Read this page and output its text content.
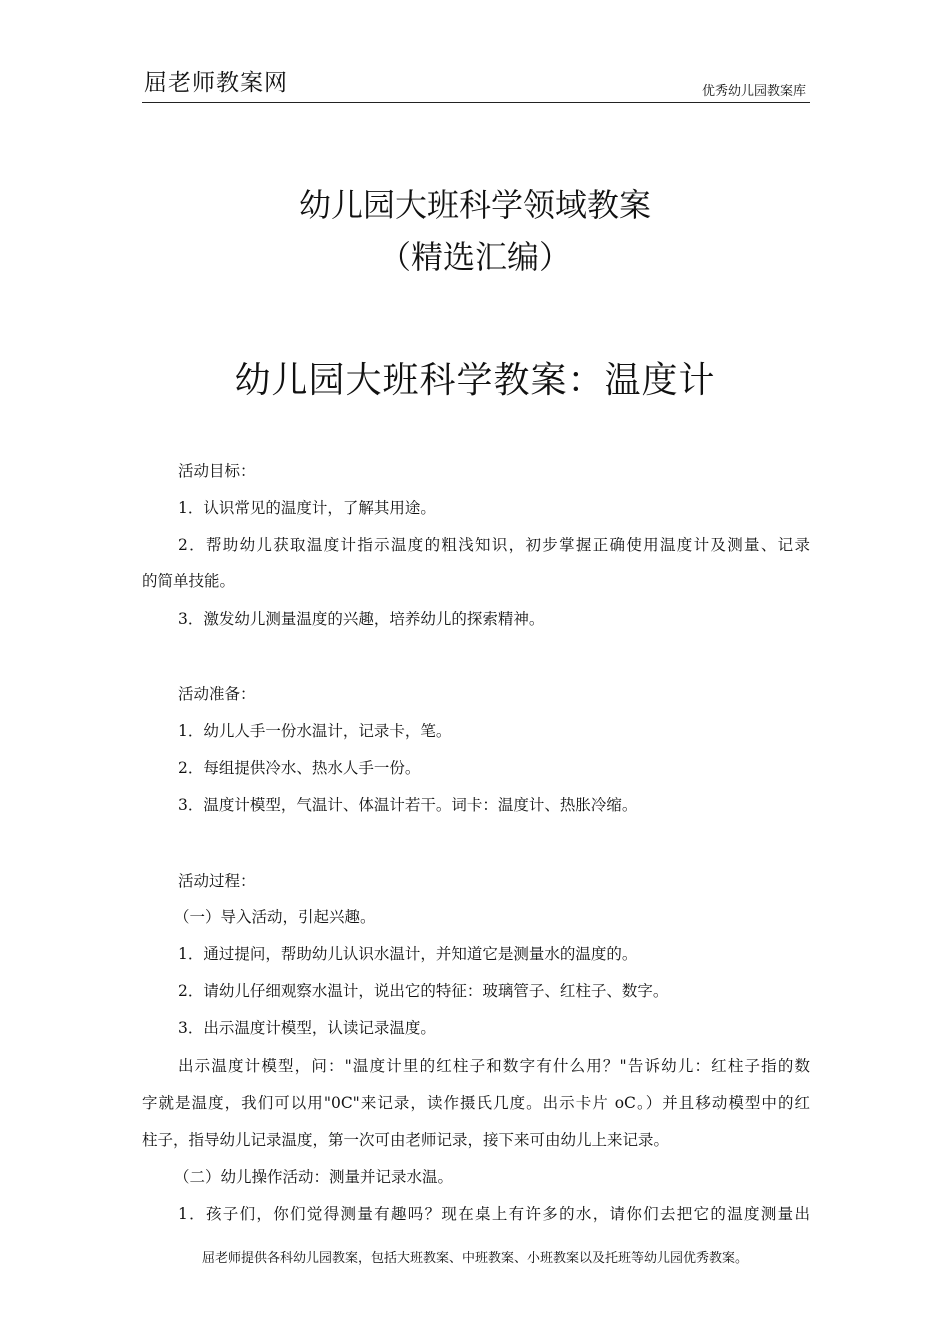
屈老师教案网	优秀幼儿园教案库
幼儿园大班科学领域教案
（精选汇编）
幼儿园大班科学教案：温度计
活动目标：
1．认识常见的温度计，了解其用途。
2．帮助幼儿获取温度计指示温度的粗浅知识，初步掌握正确使用温度计及测量、记录
的简单技能。
3．激发幼儿测量温度的兴趣，培养幼儿的探索精神。
活动准备：
1．幼儿人手一份水温计，记录卡，笔。
2．每组提供冷水、热水人手一份。
3．温度计模型，气温计、体温计若干。词卡：温度计、热胀冷缩。
活动过程：
（一）导入活动，引起兴趣。
1．通过提问，帮助幼儿认识水温计，并知道它是测量水的温度的。
2．请幼儿仔细观察水温计，说出它的特征：玻璃管子、红柱子、数字。
3．出示温度计模型，认读记录温度。
出示温度计模型，问："温度计里的红柱子和数字有什么用？"告诉幼儿：红柱子指的数
字就是温度，我们可以用"0C"来记录，读作摄氏几度。出示卡片 oC。）并且移动模型中的红
柱子，指导幼儿记录温度，第一次可由老师记录，接下来可由幼儿上来记录。
（二）幼儿操作活动：测量并记录水温。
1．孩子们，你们觉得测量有趣吗？现在桌上有许多的水，请你们去把它的温度测量出
屈老师提供各科幼儿园教案，包括大班教案、中班教案、小班教案以及托班等幼儿园优秀教案。
